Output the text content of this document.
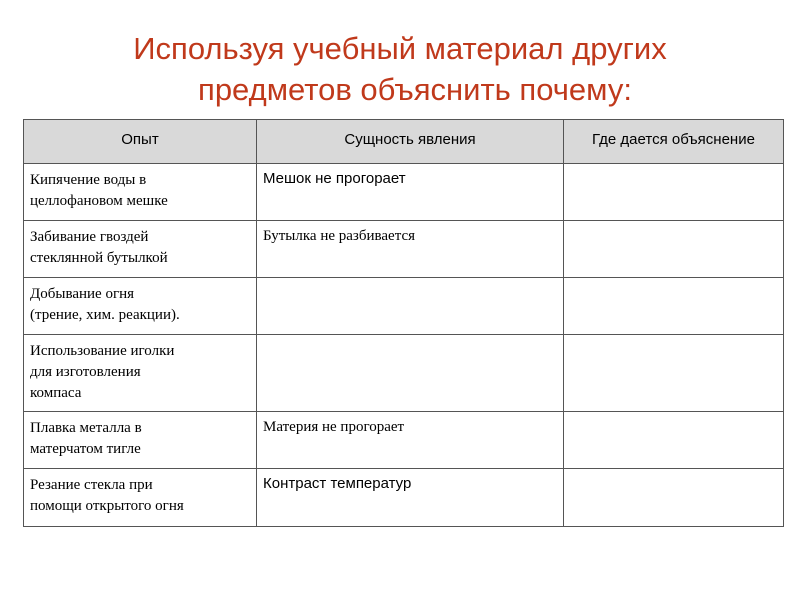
Используя учебный материал других
предметов объяснить почему:
Опыт	Сущность явления	Где дается объяснение

Кипячение воды в
целлофановом мешке	Мешок не прогорает	

Забивание гвоздей
стеклянной бутылкой	Бутылка не разбивается	

Добывание огня
(трение, хим. реакции).		

Использование иголки
для изготовления
компаса		

Плавка металла в
матерчатом тигле	Материя не прогорает	

Резание стекла при
помощи открытого огня	Контраст температур	
